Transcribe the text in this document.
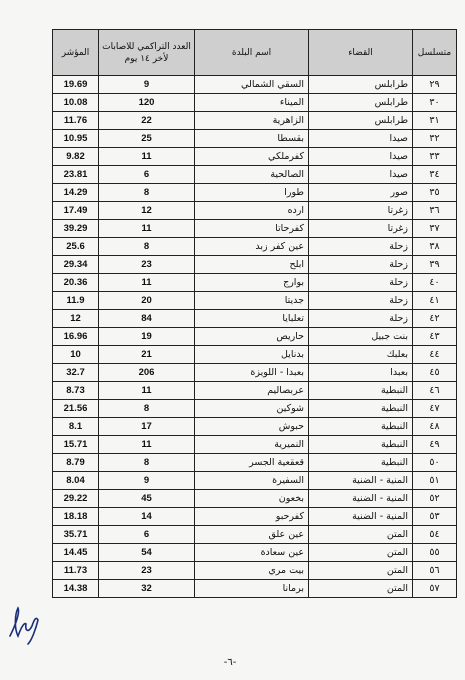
المؤشر	العدد التراكمي للاصابات لأخر ١٤ يوم	اسم البلدة	القضاء	متسلسل
19.69	9	السقي الشمالي	طرابلس	٢٩
10.08	120	الميناء	طرابلس	٣٠
11.76	22	الزاهرية	طرابلس	٣١
10.95	25	بقسطا	صيدا	٣٢
9.82	11	كفرملكي	صيدا	٣٣
23.81	6	الصالحية	صيدا	٣٤
14.29	8	طورا	صور	٣٥
17.49	12	ارده	زغرتا	٣٦
39.29	11	كفرحاتا	زغرتا	٣٧
25.6	8	عين كفر زبد	زحلة	٣٨
29.34	23	ابلح	زحلة	٣٩
20.36	11	بوارج	زحلة	٤٠
11.9	20	جديتا	زحلة	٤١
12	84	تعلبايا	زحلة	٤٢
16.96	19	حاريص	بنت جبيل	٤٣
10	21	بدنايل	بعلبك	٤٤
32.7	206	بعبدا - اللويزة	بعبدا	٤٥
8.73	11	عربصاليم	النبطية	٤٦
21.56	8	شوكين	النبطية	٤٧
8.1	17	حبوش	النبطية	٤٨
15.71	11	النميرية	النبطية	٤٩
8.79	8	قعقعية الجسر	النبطية	٥٠
8.04	9	السفيرة	المنية - الضنية	٥١
29.22	45	بخعون	المنية - الضنية	٥٢
18.18	14	كفرحبو	المنية - الضنية	٥٣
35.71	6	عين علق	المتن	٥٤
14.45	54	عين سعادة	المتن	٥٥
11.73	23	بيت مري	المتن	٥٦
14.38	32	برمانا	المتن	٥٧
-٦-
